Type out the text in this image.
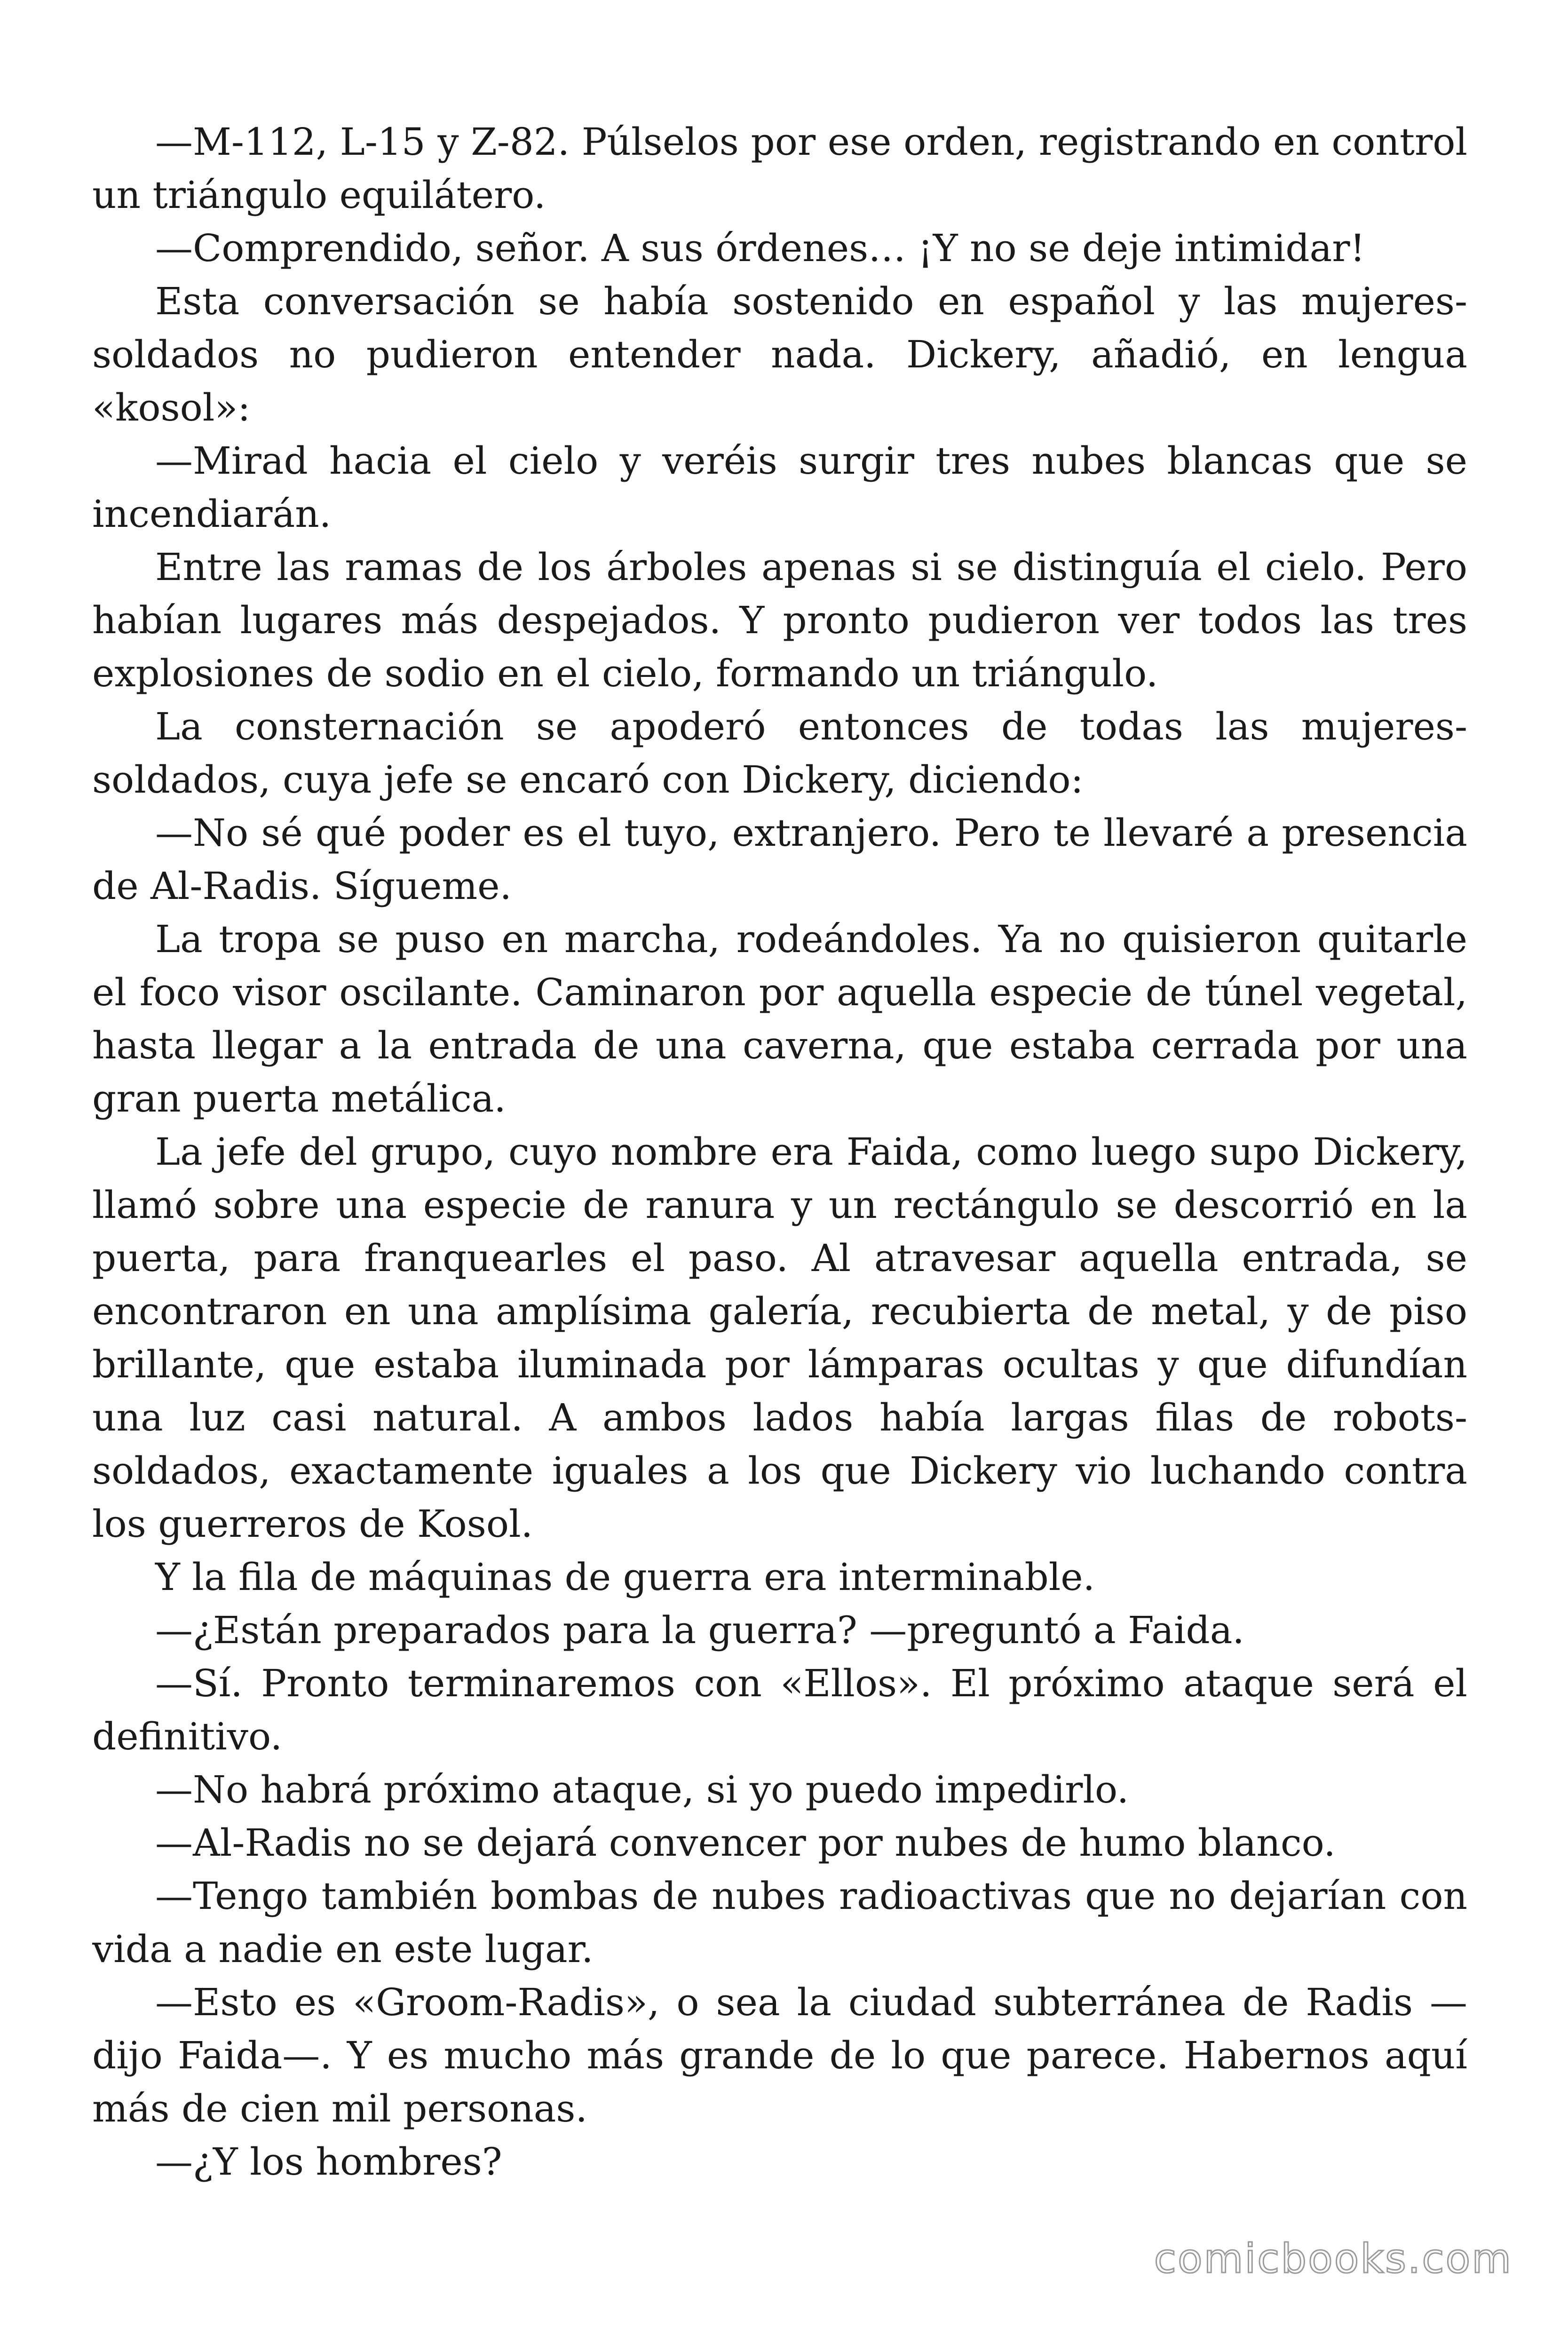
—M-112, L-15 y Z-82. Púlselos por ese orden, registrando en control un triángulo equilátero.

—Comprendido, señor. A sus órdenes… ¡Y no se deje intimidar!

Esta conversación se había sostenido en español y las mujeres-soldados no pudieron entender nada. Dickery, añadió, en lengua «kosol»:

—Mirad hacia el cielo y veréis surgir tres nubes blancas que se incendiarán.

Entre las ramas de los árboles apenas si se distinguía el cielo. Pero habían lugares más despejados. Y pronto pudieron ver todos las tres explosiones de sodio en el cielo, formando un triángulo.

La consternación se apoderó entonces de todas las mujeres-soldados, cuya jefe se encaró con Dickery, diciendo:

—No sé qué poder es el tuyo, extranjero. Pero te llevaré a presencia de Al-Radis. Sígueme.

La tropa se puso en marcha, rodeándoles. Ya no quisieron quitarle el foco visor oscilante. Caminaron por aquella especie de túnel vegetal, hasta llegar a la entrada de una caverna, que estaba cerrada por una gran puerta metálica.

La jefe del grupo, cuyo nombre era Faida, como luego supo Dickery, llamó sobre una especie de ranura y un rectángulo se descorrió en la puerta, para franquearles el paso. Al atravesar aquella entrada, se encontraron en una amplísima galería, recubierta de metal, y de piso brillante, que estaba iluminada por lámparas ocultas y que difundían una luz casi natural. A ambos lados había largas filas de robots-soldados, exactamente iguales a los que Dickery vio luchando contra los guerreros de Kosol.

Y la fila de máquinas de guerra era interminable.

—¿Están preparados para la guerra? —preguntó a Faida.

—Sí. Pronto terminaremos con «Ellos». El próximo ataque será el definitivo.

—No habrá próximo ataque, si yo puedo impedirlo.

—Al-Radis no se dejará convencer por nubes de humo blanco.

—Tengo también bombas de nubes radioactivas que no dejarían con vida a nadie en este lugar.

—Esto es «Groom-Radis», o sea la ciudad subterránea de Radis —dijo Faida—. Y es mucho más grande de lo que parece. Habernos aquí más de cien mil personas.

—¿Y los hombres?

comicbooks.com
